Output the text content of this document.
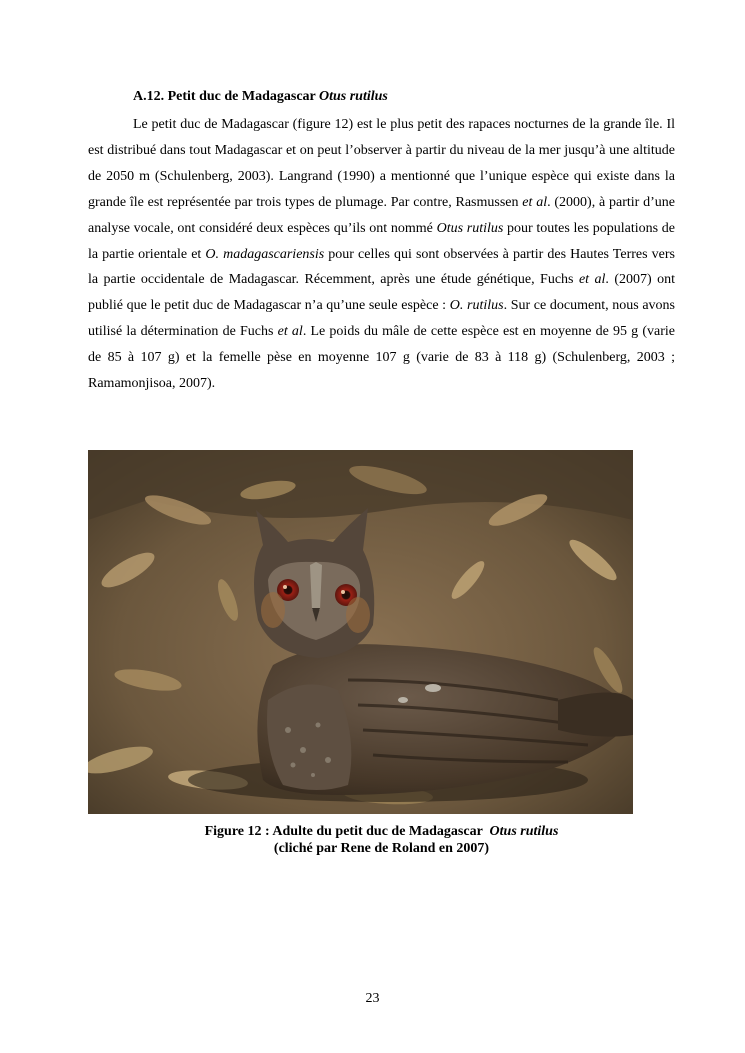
A.12. Petit duc de Madagascar Otus rutilus

Le petit duc de Madagascar (figure 12) est le plus petit des rapaces nocturnes de la grande île. Il est distribué dans tout Madagascar et on peut l’observer à partir du niveau de la mer jusqu’à une altitude de 2050 m (Schulenberg, 2003). Langrand (1990) a mentionné que l’unique espèce qui existe dans la grande île est représentée par trois types de plumage. Par contre, Rasmussen et al. (2000), à partir d’une analyse vocale, ont considéré deux espèces qu’ils ont nommé Otus rutilus pour toutes les populations de la partie orientale et O. madagascariensis pour celles qui sont observées à partir des Hautes Terres vers la partie occidentale de Madagascar. Récemment, après une étude génétique, Fuchs et al. (2007) ont publié que le petit duc de Madagascar n’a qu’une seule espèce : O. rutilus. Sur ce document, nous avons utilisé la détermination de Fuchs et al. Le poids du mâle de cette espèce est en moyenne de 95 g (varie de 85 à 107 g) et la femelle pèse en moyenne 107 g (varie de 83 à 118 g) (Schulenberg, 2003 ; Ramamonjisoa, 2007).

Figure 12 : Adulte du petit duc de Madagascar  Otus rutilus
(cliché par Rene de Roland en 2007)
23
